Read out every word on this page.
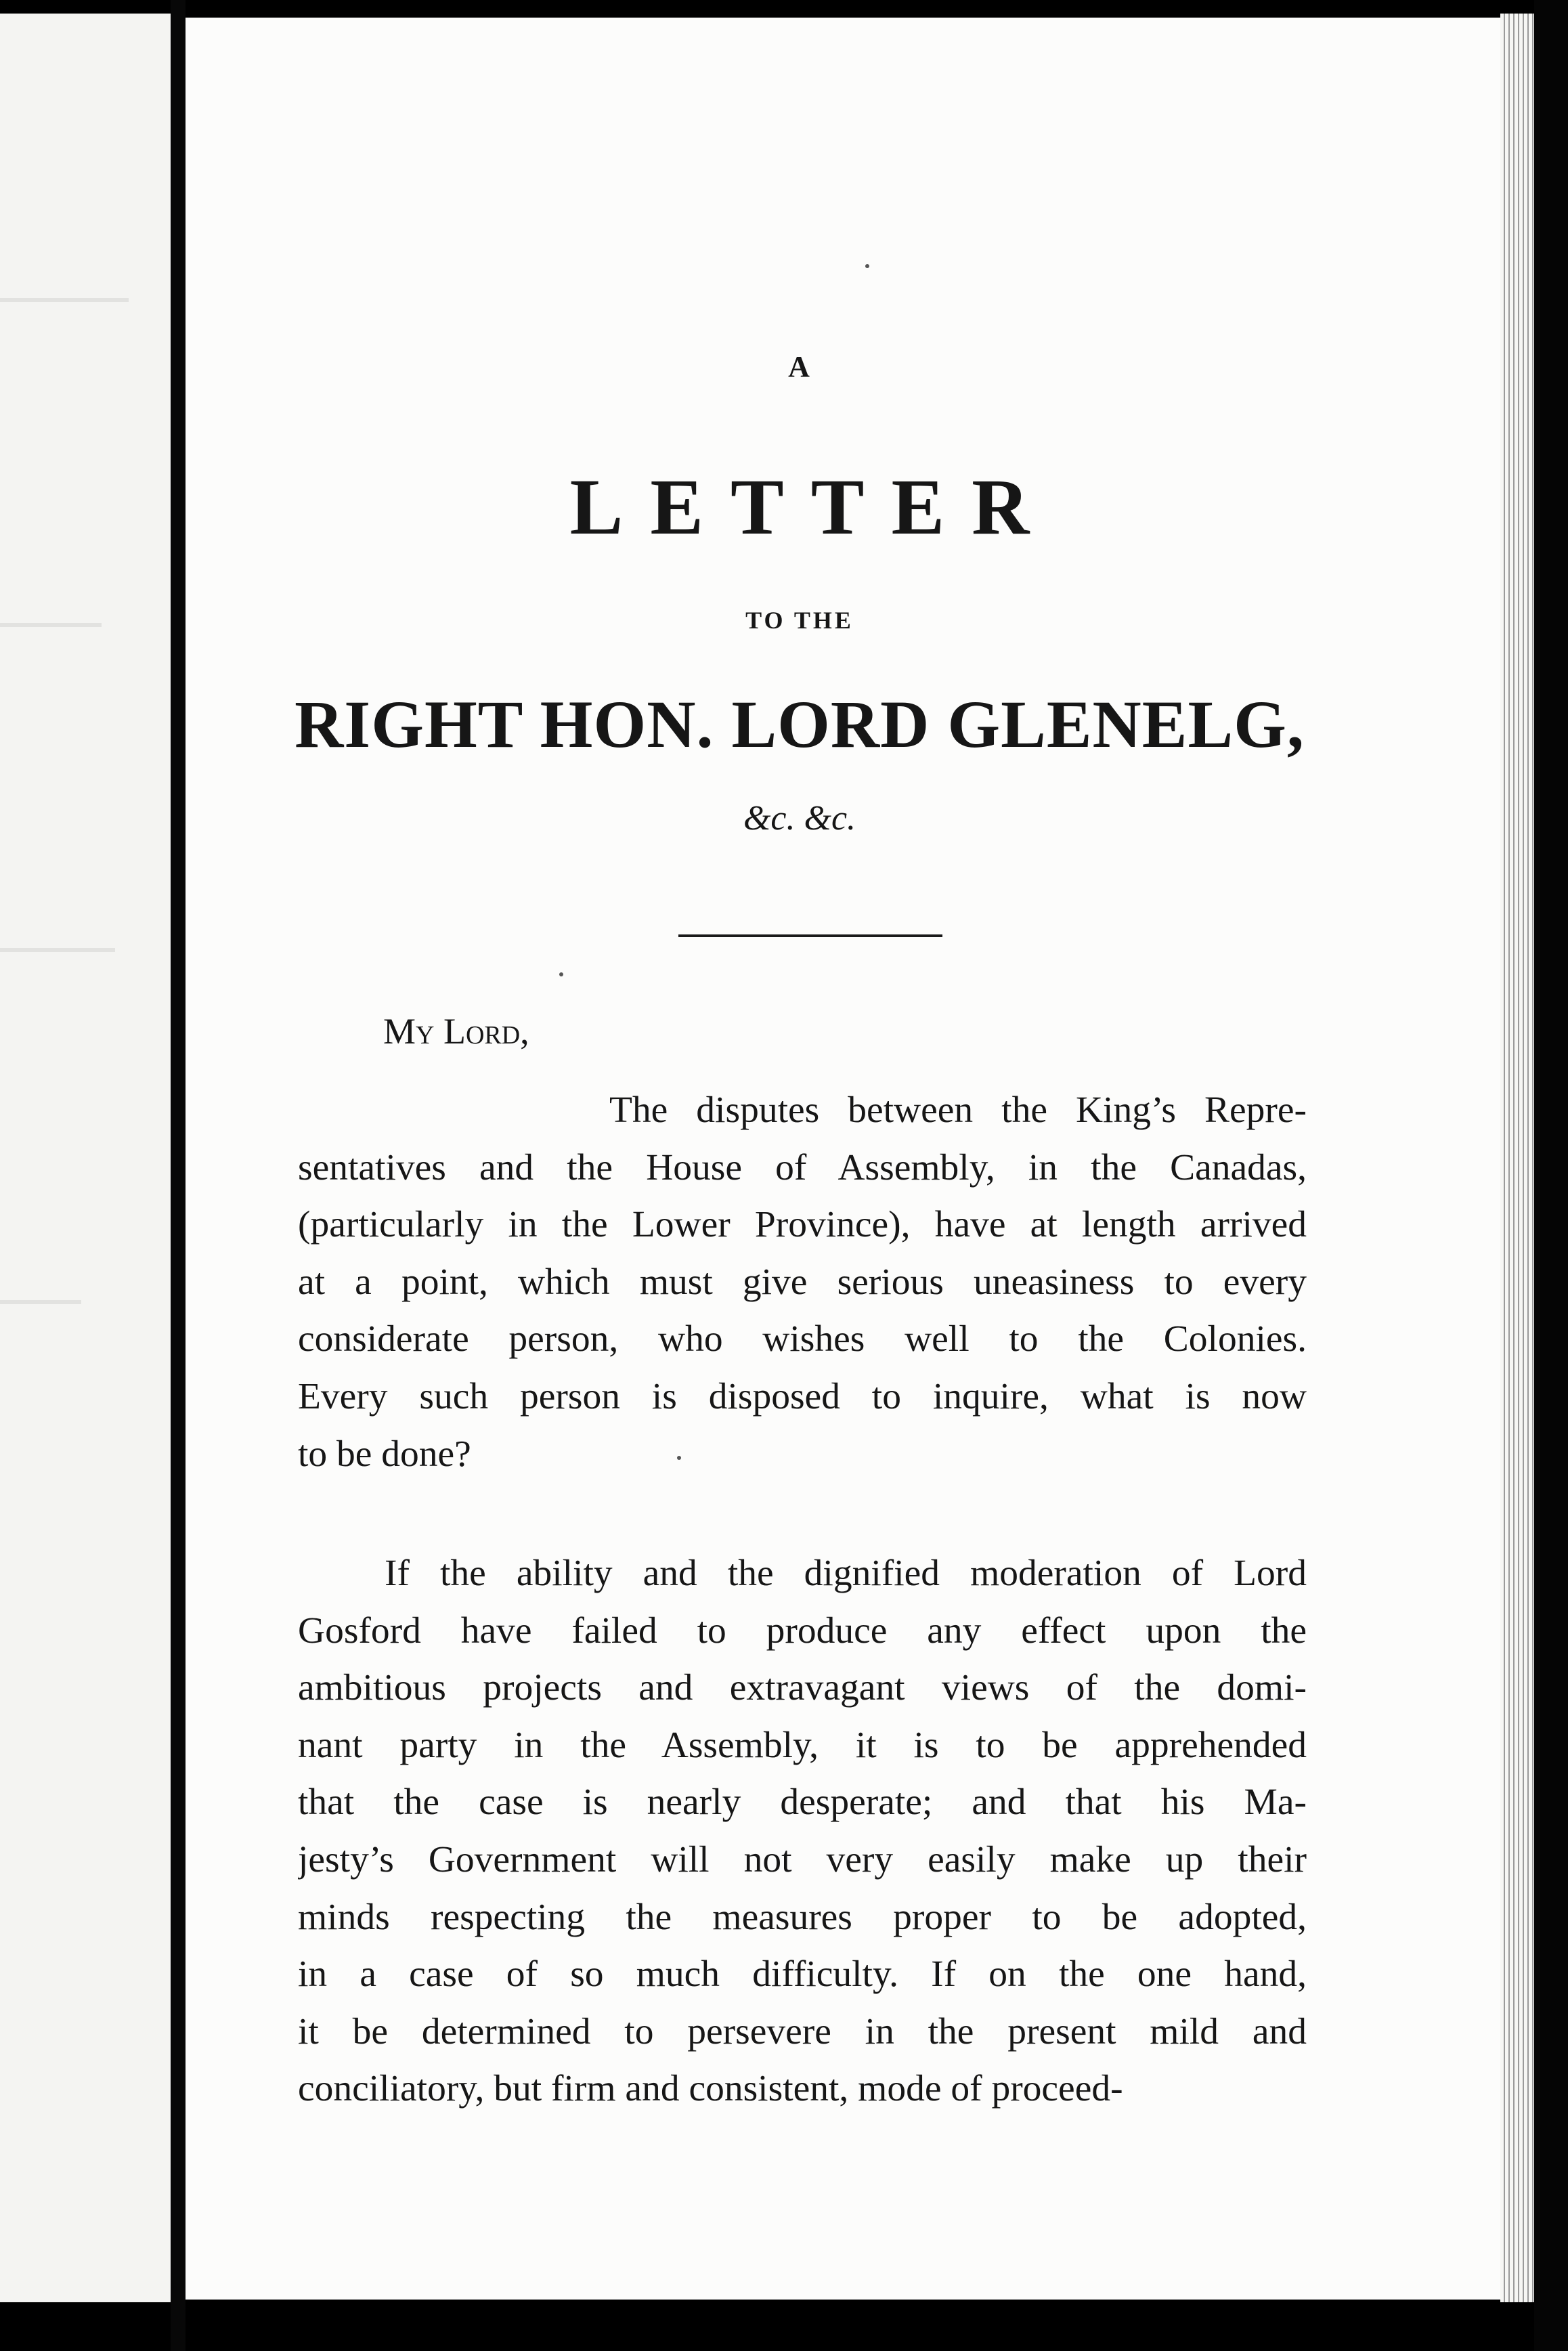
A
LETTER
TO THE
RIGHT HON. LORD GLENELG,
&c. &c.
My Lord,
The disputes between the King’s Repre-
sentatives and the House of Assembly, in the Canadas,
(particularly in the Lower Province), have at length arrived
at a point, which must give serious uneasiness to every
considerate person, who wishes well to the Colonies.
Every such person is disposed to inquire, what is now
to be done?
If the ability and the dignified moderation of Lord
Gosford have failed to produce any effect upon the
ambitious projects and extravagant views of the domi-
nant party in the Assembly, it is to be apprehended
that the case is nearly desperate; and that his Ma-
jesty’s Government will not very easily make up their
minds respecting the measures proper to be adopted,
in a case of so much difficulty. If on the one hand,
it be determined to persevere in the present mild and
conciliatory, but firm and consistent, mode of proceed-
